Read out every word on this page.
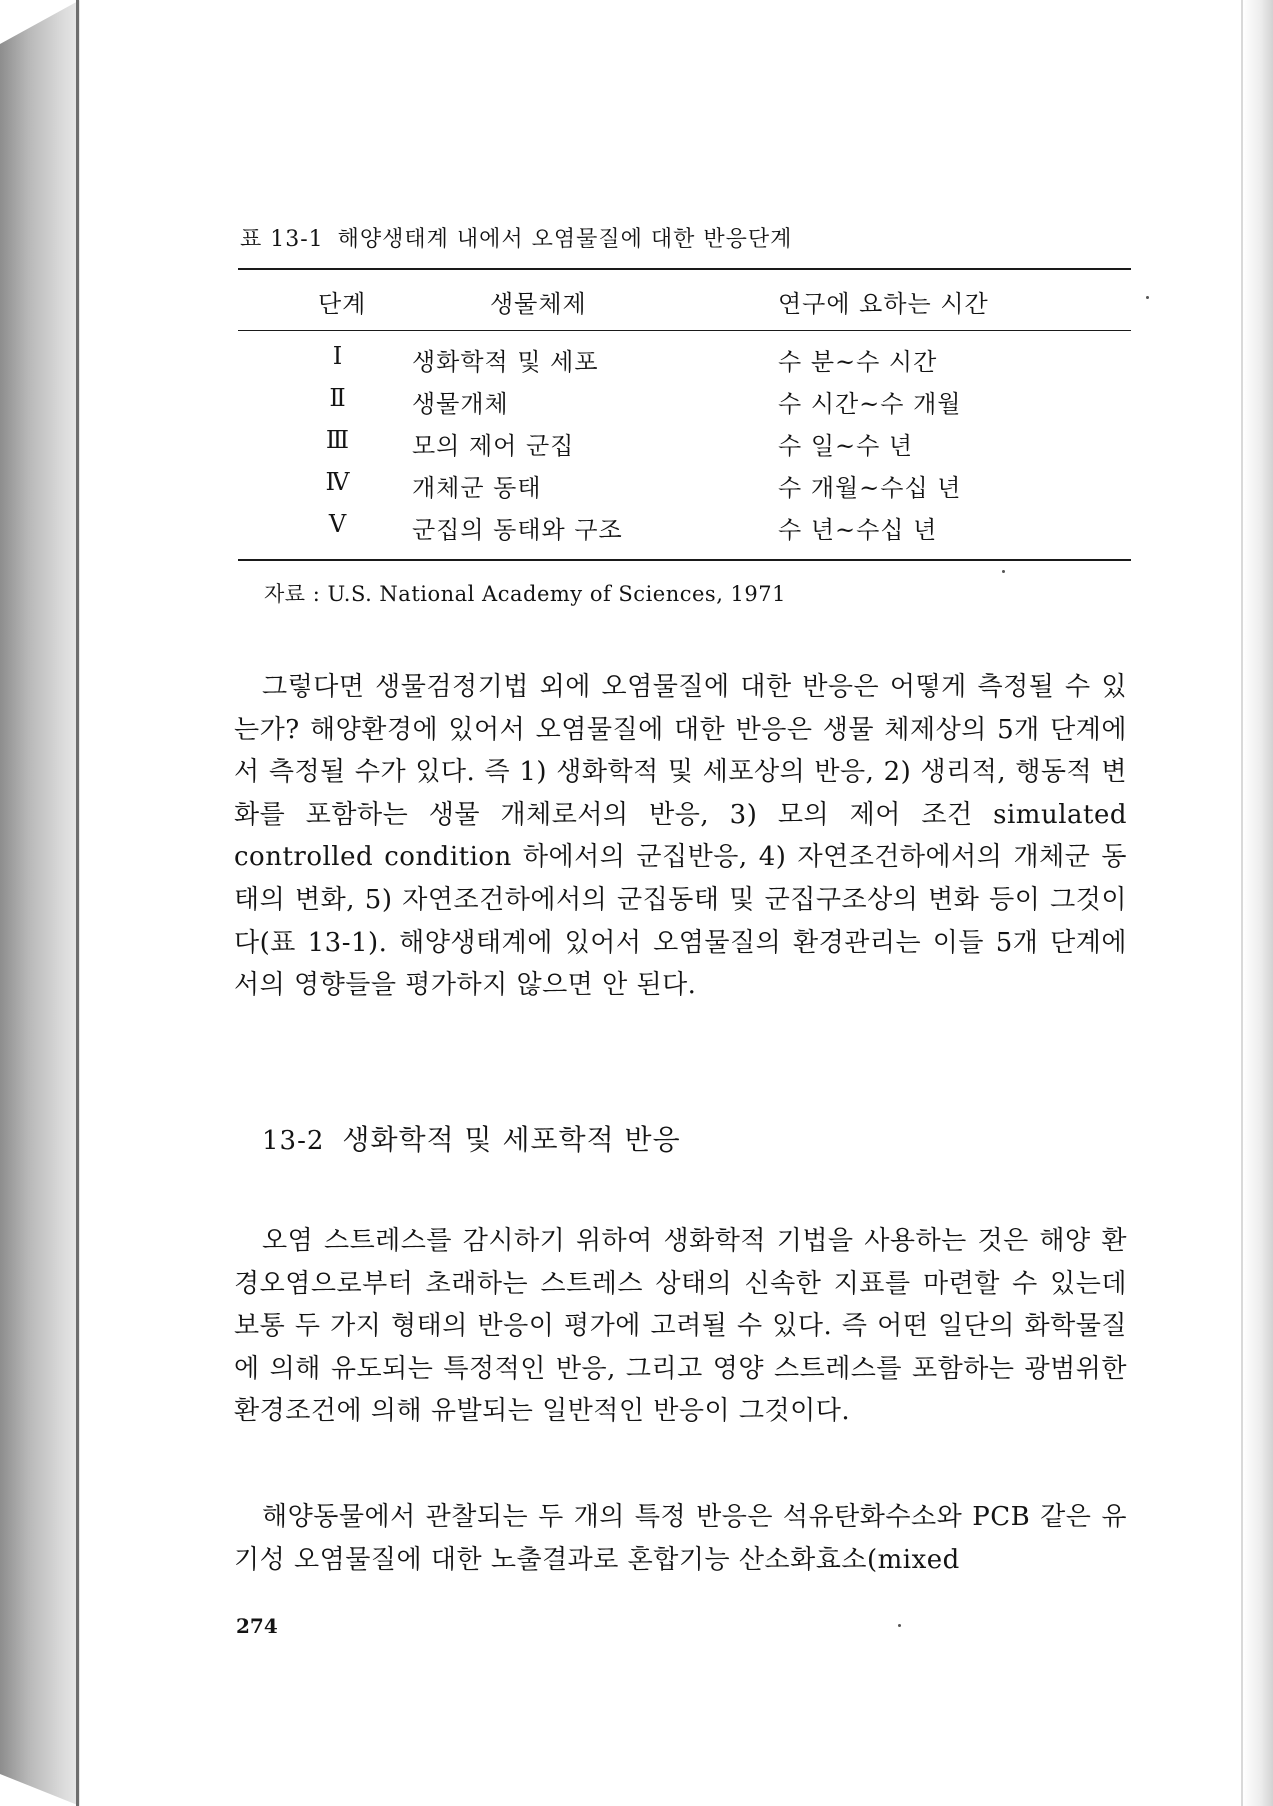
표 13-1 해양생태계 내에서 오염물질에 대한 반응단계
단계	생물체제	연구에 요하는 시간
Ⅰ	생화학적 및 세포	수 분~수 시간
Ⅱ	생물개체	수 시간~수 개월
Ⅲ	모의 제어 군집	수 일~수 년
Ⅳ	개체군 동태	수 개월~수십 년
Ⅴ	군집의 동태와 구조	수 년~수십 년
자료 : U.S. National Academy of Sciences, 1971

그렇다면 생물검정기법 외에 오염물질에 대한 반응은 어떻게 측정될 수 있는가? 해양환경에 있어서 오염물질에 대한 반응은 생물 체제상의 5개 단계에서 측정될 수가 있다. 즉 1) 생화학적 및 세포상의 반응, 2) 생리적, 행동적 변화를 포함하는 생물 개체로서의 반응, 3) 모의 제어 조건 simulated controlled condition 하에서의 군집반응, 4) 자연조건하에서의 개체군 동태의 변화, 5) 자연조건하에서의 군집동태 및 군집구조상의 변화 등이 그것이다(표 13-1). 해양생태계에 있어서 오염물질의 환경관리는 이들 5개 단계에서의 영향들을 평가하지 않으면 안 된다.

13-2 생화학적 및 세포학적 반응

오염 스트레스를 감시하기 위하여 생화학적 기법을 사용하는 것은 해양 환경오염으로부터 초래하는 스트레스 상태의 신속한 지표를 마련할 수 있는데 보통 두 가지 형태의 반응이 평가에 고려될 수 있다. 즉 어떤 일단의 화학물질에 의해 유도되는 특정적인 반응, 그리고 영양 스트레스를 포함하는 광범위한 환경조건에 의해 유발되는 일반적인 반응이 그것이다.

해양동물에서 관찰되는 두 개의 특정 반응은 석유탄화수소와 PCB 같은 유기성 오염물질에 대한 노출결과로 혼합기능 산소화효소(mixed

274
